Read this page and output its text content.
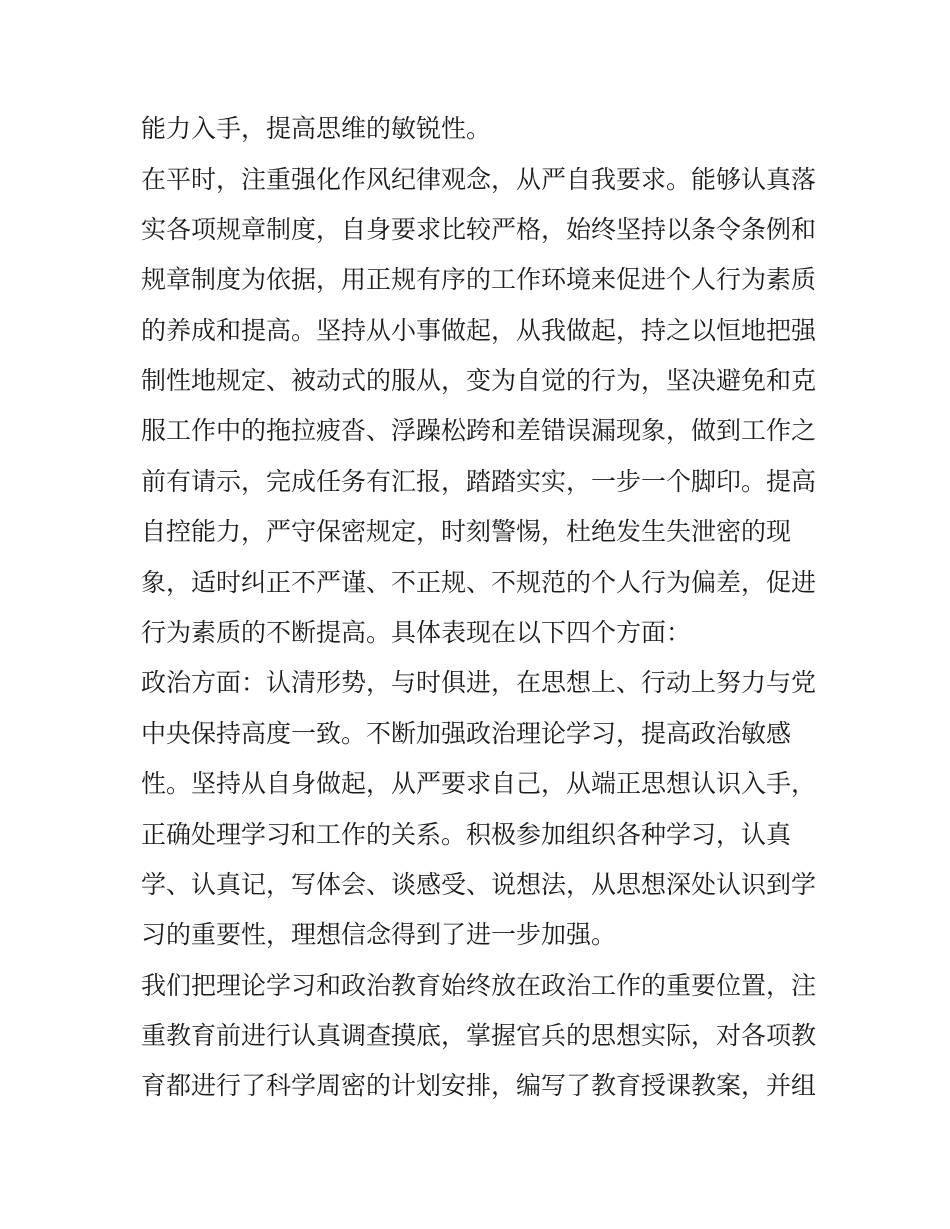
能力入手，提高思维的敏锐性。
在平时，注重强化作风纪律观念，从严自我要求。能够认真落
实各项规章制度，自身要求比较严格，始终坚持以条令条例和
规章制度为依据，用正规有序的工作环境来促进个人行为素质
的养成和提高。坚持从小事做起，从我做起，持之以恒地把强
制性地规定、被动式的服从，变为自觉的行为，坚决避免和克
服工作中的拖拉疲沓、浮躁松跨和差错误漏现象，做到工作之
前有请示，完成任务有汇报，踏踏实实，一步一个脚印。提高
自控能力，严守保密规定，时刻警惕，杜绝发生失泄密的现
象，适时纠正不严谨、不正规、不规范的个人行为偏差，促进
行为素质的不断提高。具体表现在以下四个方面：
政治方面：认清形势，与时俱进，在思想上、行动上努力与党
中央保持高度一致。不断加强政治理论学习，提高政治敏感
性。坚持从自身做起，从严要求自己，从端正思想认识入手，
正确处理学习和工作的关系。积极参加组织各种学习，认真
学、认真记，写体会、谈感受、说想法，从思想深处认识到学
习的重要性，理想信念得到了进一步加强。
我们把理论学习和政治教育始终放在政治工作的重要位置，注
重教育前进行认真调查摸底，掌握官兵的思想实际，对各项教
育都进行了科学周密的计划安排，编写了教育授课教案，并组
